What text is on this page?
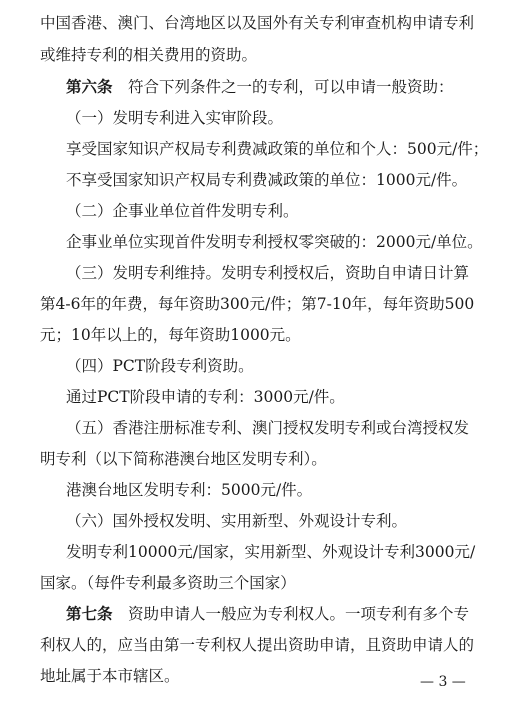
中国香港、澳门、台湾地区以及国外有关专利审查机构申请专利
或维持专利的相关费用的资助。
第六条　符合下列条件之一的专利，可以申请一般资助：
（一）发明专利进入实审阶段。
享受国家知识产权局专利费减政策的单位和个人：500元/件；
不享受国家知识产权局专利费减政策的单位：1000元/件。
（二）企事业单位首件发明专利。
企事业单位实现首件发明专利授权零突破的：2000元/单位。
（三）发明专利维持。发明专利授权后，资助自申请日计算
第4-6年的年费，每年资助300元/件；第7-10年，每年资助500
元；10年以上的，每年资助1000元。
（四）PCT阶段专利资助。
通过PCT阶段申请的专利：3000元/件。
（五）香港注册标准专利、澳门授权发明专利或台湾授权发
明专利（以下简称港澳台地区发明专利）。
港澳台地区发明专利：5000元/件。
（六）国外授权发明、实用新型、外观设计专利。
发明专利10000元/国家，实用新型、外观设计专利3000元/
国家。（每件专利最多资助三个国家）
第七条　资助申请人一般应为专利权人。一项专利有多个专
利权人的，应当由第一专利权人提出资助申请，且资助申请人的
地址属于本市辖区。	— 3 —
